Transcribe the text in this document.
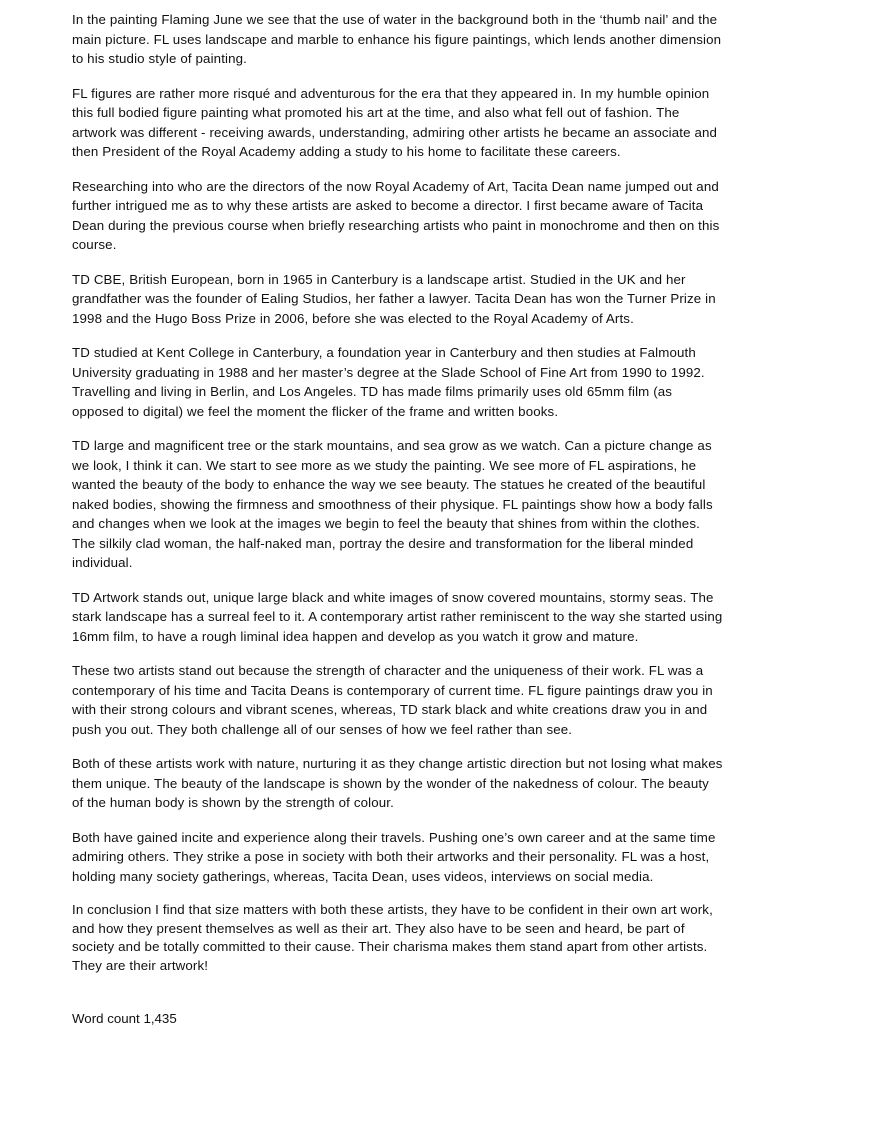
In the painting Flaming June we see that the use of water in the background both in the ‘thumb nail’ and the main picture. FL uses landscape and marble to enhance his figure paintings, which lends another dimension to his studio style of painting.

FL figures are rather more risqué and adventurous for the era that they appeared in. In my humble opinion this full bodied figure painting what promoted his art at the time, and also what fell out of fashion. The artwork was different - receiving awards, understanding, admiring other artists he became an associate and then President of the Royal Academy adding a study to his home to facilitate these careers.

Researching into who are the directors of the now Royal Academy of Art, Tacita Dean name jumped out and further intrigued me as to why these artists are asked to become a director. I first became aware of Tacita Dean during the previous course when briefly researching artists who paint in monochrome and then on this course.

TD CBE, British European, born in 1965 in Canterbury is a landscape artist. Studied in the UK and her grandfather was the founder of Ealing Studios, her father a lawyer. Tacita Dean has won the Turner Prize in 1998 and the Hugo Boss Prize in 2006, before she was elected to the Royal Academy of Arts.

TD studied at Kent College in Canterbury, a foundation year in Canterbury and then studies at Falmouth University graduating in 1988 and her master’s degree at the Slade School of Fine Art from 1990 to 1992. Travelling and living in Berlin, and Los Angeles. TD has made films primarily uses old 65mm film (as opposed to digital) we feel the moment the flicker of the frame and written books.

TD large and magnificent tree or the stark mountains, and sea grow as we watch. Can a picture change as we look, I think it can. We start to see more as we study the painting. We see more of FL aspirations, he wanted the beauty of the body to enhance the way we see beauty. The statues he created of the beautiful naked bodies, showing the firmness and smoothness of their physique. FL paintings show how a body falls and changes when we look at the images we begin to feel the beauty that shines from within the clothes. The silkily clad woman, the half-naked man, portray the desire and transformation for the liberal minded individual.

TD Artwork stands out, unique large black and white images of snow covered mountains, stormy seas. The stark landscape has a surreal feel to it. A contemporary artist rather reminiscent to the way she started using 16mm film, to have a rough liminal idea happen and develop as you watch it grow and mature.

These two artists stand out because the strength of character and the uniqueness of their work. FL was a contemporary of his time and Tacita Deans is contemporary of current time. FL figure paintings draw you in with their strong colours and vibrant scenes, whereas, TD stark black and white creations draw you in and push you out. They both challenge all of our senses of how we feel rather than see.

Both of these artists work with nature, nurturing it as they change artistic direction but not losing what makes them unique. The beauty of the landscape is shown by the wonder of the nakedness of colour. The beauty of the human body is shown by the strength of colour.

Both have gained incite and experience along their travels. Pushing one’s own career and at the same time admiring others. They strike a pose in society with both their artworks and their personality. FL was a host, holding many society gatherings, whereas, Tacita Dean, uses videos, interviews on social media.

In conclusion I find that size matters with both these artists, they have to be confident in their own art work, and how they present themselves as well as their art. They also have to be seen and heard, be part of society and be totally committed to their cause. Their charisma makes them stand apart from other artists. They are their artwork!

Word count 1,435
